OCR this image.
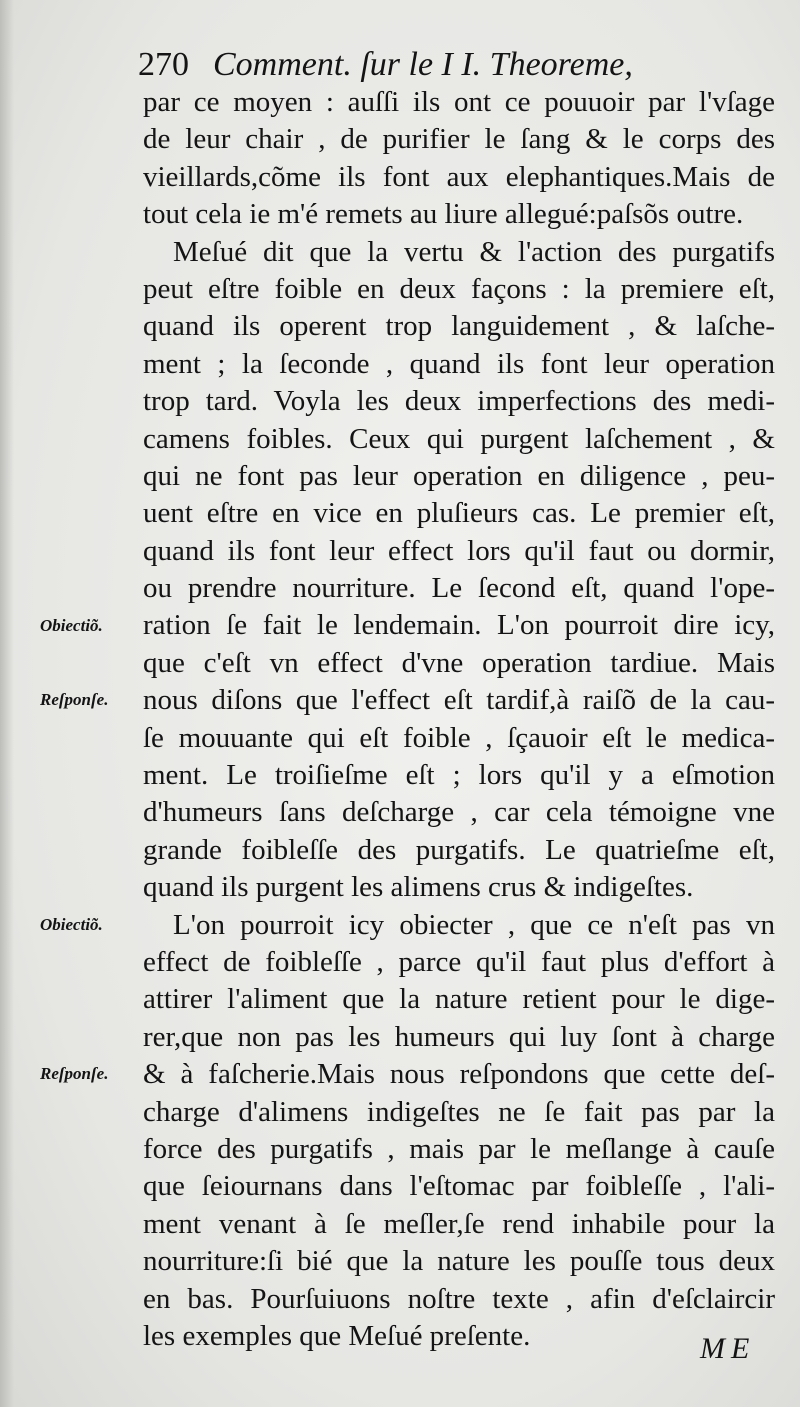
270 Comment. ſur le I I. Theoreme,
par ce moyen : auſſi ils ont ce pouuoir par l'vſage
de leur chair , de purifier le ſang & le corps des
vieillards,cõme ils font aux elephantiques.Mais de
tout cela ie m'é remets au liure allegué:paſsõs outre.
Meſué dit que la vertu & l'action des purgatifs
peut eſtre foible en deux façons : la premiere eſt,
quand ils operent trop languidement , & laſche-
ment ; la ſeconde , quand ils font leur operation
trop tard. Voyla les deux imperfections des medi-
camens foibles. Ceux qui purgent laſchement , &
qui ne font pas leur operation en diligence , peu-
uent eſtre en vice en pluſieurs cas. Le premier eſt,
quand ils font leur effect lors qu'il faut ou dormir,
ou prendre nourriture. Le ſecond eſt, quand l'ope-
ration ſe fait le lendemain. L'on pourroit dire icy,
que c'eſt vn effect d'vne operation tardiue. Mais
nous diſons que l'effect eſt tardif,à raiſõ de la cau-
ſe mouuante qui eſt foible , ſçauoir eſt le medica-
ment. Le troiſieſme eſt ; lors qu'il y a eſmotion
d'humeurs ſans deſcharge , car cela témoigne vne
grande foibleſſe des purgatifs. Le quatrieſme eſt,
quand ils purgent les alimens crus & indigeſtes.
L'on pourroit icy obiecter , que ce n'eſt pas vn
effect de foibleſſe , parce qu'il faut plus d'effort à
attirer l'aliment que la nature retient pour le dige-
rer,que non pas les humeurs qui luy ſont à charge
& à faſcherie.Mais nous reſpondons que cette deſ-
charge d'alimens indigeſtes ne ſe fait pas par la
force des purgatifs , mais par le meſlange à cauſe
que ſeiournans dans l'eſtomac par foibleſſe , l'ali-
ment venant à ſe meſler,ſe rend inhabile pour la
nourriture:ſi bié que la nature les pouſſe tous deux
en bas. Pourſuiuons noſtre texte , afin d'eſclaircir
les exemples que Meſué preſente.
Obiectiõ.
Reſponſe.
Obiectiõ.
Reſponſe.
ME
